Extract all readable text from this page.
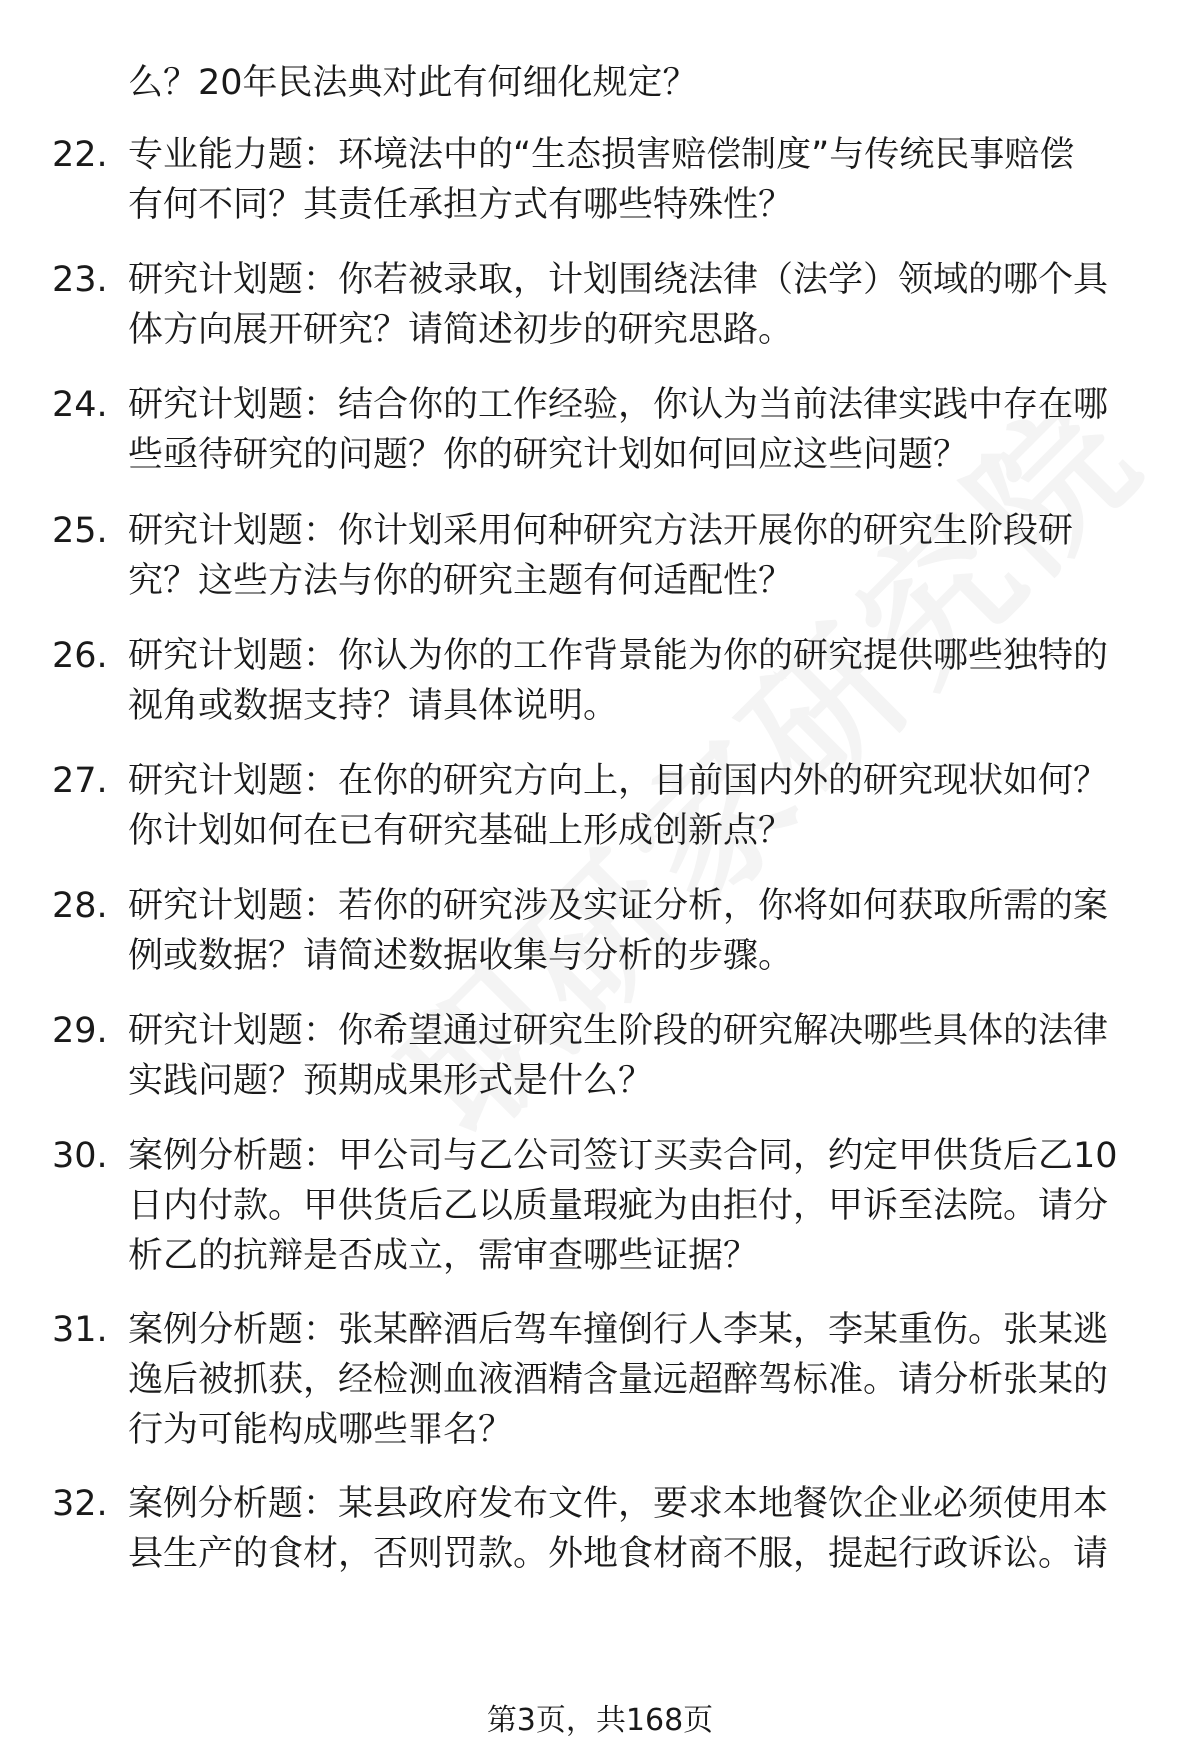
么？20年民法典对此有何细化规定？
22. 专业能力题：环境法中的“生态损害赔偿制度”与传统民事赔偿
有何不同？其责任承担方式有哪些特殊性？
23. 研究计划题：你若被录取，计划围绕法律（法学）领域的哪个具
体方向展开研究？请简述初步的研究思路。
24. 研究计划题：结合你的工作经验，你认为当前法律实践中存在哪
些亟待研究的问题？你的研究计划如何回应这些问题？
25. 研究计划题：你计划采用何种研究方法开展你的研究生阶段研
究？这些方法与你的研究主题有何适配性？
26. 研究计划题：你认为你的工作背景能为你的研究提供哪些独特的
视角或数据支持？请具体说明。
27. 研究计划题：在你的研究方向上，目前国内外的研究现状如何？
你计划如何在已有研究基础上形成创新点？
28. 研究计划题：若你的研究涉及实证分析，你将如何获取所需的案
例或数据？请简述数据收集与分析的步骤。
29. 研究计划题：你希望通过研究生阶段的研究解决哪些具体的法律
实践问题？预期成果形式是什么？
30. 案例分析题：甲公司与乙公司签订买卖合同，约定甲供货后乙10
日内付款。甲供货后乙以质量瑕疵为由拒付，甲诉至法院。请分
析乙的抗辩是否成立，需审查哪些证据？
31. 案例分析题：张某醉酒后驾车撞倒行人李某，李某重伤。张某逃
逸后被抓获，经检测血液酒精含量远超醉驾标准。请分析张某的
行为可能构成哪些罪名？
32. 案例分析题：某县政府发布文件，要求本地餐饮企业必须使用本
县生产的食材，否则罚款。外地食材商不服，提起行政诉讼。请
第3页，共168页
